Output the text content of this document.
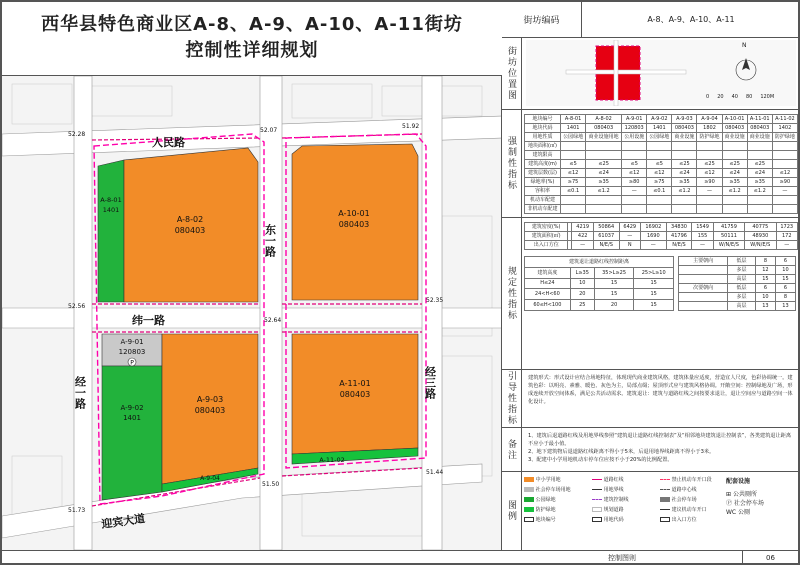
西华县特色商业区A-8、A-9、A-10、A-11街坊
控制性详细规划
A-8-01
1401
A-8-02
080403
A-10-01
080403
A-9-01
120803
A-9-02
1401
A-9-03
080403
A-11-01
080403
A-11-02
A-9-04
P
人民路
纬一路
迎宾大道
东一路
经三路
经一路
52.28
52.07
51.92
52.35
52.64
52.56
51.50
51.44
51.73
街坊编码	A-8、A-9、A-10、A-11
街坊位置图
N
0 20 40 80 120M
强制性指标
地块编号	A-8-01	A-8-02	A-9-01	A-9-02	A-9-03	A-9-04	A-10-01	A-11-01	A-11-02
地块代码	1401	080403	120803	1401	080403	1802	080403	080403	1402
用地性质	公园绿地	商业设施用地	公用设施	公园绿地	商业设施	防护绿地	商业设施	商业设施	防护绿地
地块面积(㎡)									
建筑限高									
建筑高度(m)	≤5	≤25	≤5	≤5	≤25	≤25	≤25	≤25	
建筑层数(层)	≤12	≤24	≤12	≤12	≤24	≤12	≤24	≤24	≤12
绿地率(%)	≥75	≥35	≥80	≥75	≥35	≥90	≥35	≥35	≥90
容积率	≤0.1	≤1.2	—	≤0.1	≤1.2	—	≤1.2	≤1.2	—
机动车配建									
非机动车配建									
规定性指标
建筑密度(%)		4219	50864	6429	16902	34830	1549	41759	40775	1723
建筑面积(㎡)		422	61037	—	1690	41796	155	50111	48930	172
出入口方位		—	N/E/S	N	—	N/E/S	—	W/N/E/S	W/N/E/S	—
建筑退让道路红线控制距离			
建筑高度	L≥35	35>L≥25	25>L≥10
H≤24	10	15	15
24<H<60	20	15	15
60≤H<100	25	20	15
主要朝向	低层	8	6
	多层	12	10
	高层	15	15
次要朝向	低层	6	6
	多层	10	8
	高层	13	13
引导性指标	建筑形式：形式设计应结合场地特征，体现现代商业建筑风格，建筑体量应适度，营造宜人尺度，色彩协调统一。建筑色彩：以明亮、素雅、暖色、灰色为主，局部点缀；屋顶形式应与建筑风格协调。开敞空间：控制绿地及广场，形成连续开放空间体系，满足公共活动需求。建筑退让：建筑与道路红线之间按要求退让，退让空间应与道路空间一体化设计。
备注
1、建筑后退道路红线及用地界线参照“建筑退让道路红线控制表”及“相邻地块建筑退让控制表”，各类建筑退让距离不应小于最小值。
2、地下建筑物后退道路红线距离不得小于5米，后退用地界线距离不得小于3米。
3、配建中小学用地机动车停车位应按不小于20%的比例配置。
图例
中小学用地	道路红线	禁止机动车开口段
社会停车场用地	用地界线	道路中心线
公园绿地	建筑控制线	社会停车场
防护绿地	规划道路	建议机动车开口
地块编号	用地代码	出入口方位
配套设施
⊞ 公共厕所
Ⓟ 社会停车场
WC 公厕
控制图则	06
